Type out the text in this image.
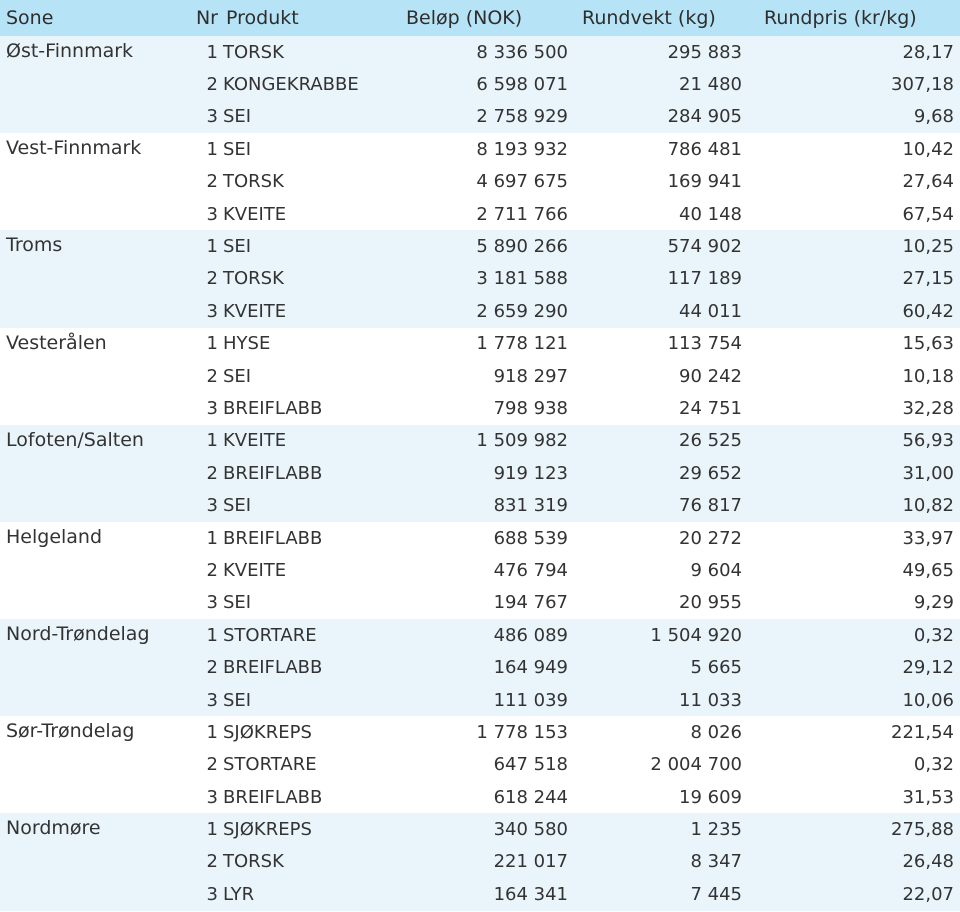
Sone	Nr	Produkt	Beløp (NOK)	Rundvekt (kg)	Rundpris (kr/kg)
Øst-Finnmark	1	TORSK	8 336 500	295 883	28,17
	2	KONGEKRABBE	6 598 071	21 480	307,18
	3	SEI	2 758 929	284 905	9,68
Vest-Finnmark	1	SEI	8 193 932	786 481	10,42
	2	TORSK	4 697 675	169 941	27,64
	3	KVEITE	2 711 766	40 148	67,54
Troms	1	SEI	5 890 266	574 902	10,25
	2	TORSK	3 181 588	117 189	27,15
	3	KVEITE	2 659 290	44 011	60,42
Vesterålen	1	HYSE	1 778 121	113 754	15,63
	2	SEI	918 297	90 242	10,18
	3	BREIFLABB	798 938	24 751	32,28
Lofoten/Salten	1	KVEITE	1 509 982	26 525	56,93
	2	BREIFLABB	919 123	29 652	31,00
	3	SEI	831 319	76 817	10,82
Helgeland	1	BREIFLABB	688 539	20 272	33,97
	2	KVEITE	476 794	9 604	49,65
	3	SEI	194 767	20 955	9,29
Nord-Trøndelag	1	STORTARE	486 089	1 504 920	0,32
	2	BREIFLABB	164 949	5 665	29,12
	3	SEI	111 039	11 033	10,06
Sør-Trøndelag	1	SJØKREPS	1 778 153	8 026	221,54
	2	STORTARE	647 518	2 004 700	0,32
	3	BREIFLABB	618 244	19 609	31,53
Nordmøre	1	SJØKREPS	340 580	1 235	275,88
	2	TORSK	221 017	8 347	26,48
	3	LYR	164 341	7 445	22,07
